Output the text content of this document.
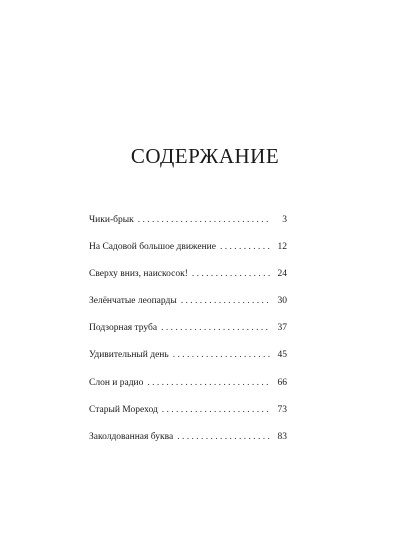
СОДЕРЖАНИЕ
Чики-брык . . .	3
На Садовой большое движение . . .	12
Сверху вниз, наискосок! . . .	24
Зелёнчатые леопарды . . .	30
Подзорная труба . . .	37
Удивительный день . . .	45
Слон и радио . . .	66
Старый Мореход . . .	73
Заколдованная буква . . .	83
